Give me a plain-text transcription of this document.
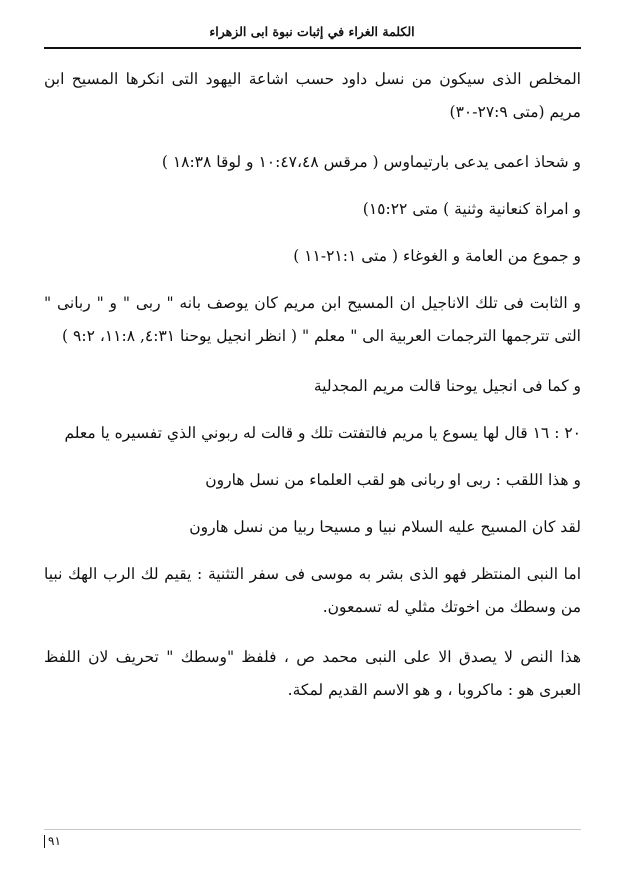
الكلمة الغراء في إثبات نبوة ابى الزهراء

المخلص الذى سيكون من نسل داود حسب اشاعة اليهود التى انكرها المسيح ابن
مريم (متى ٢٧:٩-٣٠)

و شحاذ اعمى يدعى بارتيماوس ( مرقس ١٠:٤٧،٤٨ و لوقا ١٨:٣٨ )

و امراة كنعانية وثنية ) متى ١٥:٢٢)

و جموع من العامة و الغوغاء ( متى ٢١:١-١١ )

و الثابت فى تلك الاناجيل ان المسيح ابن مريم كان يوصف بانه " ربى " و " ربانى "
التى تترجمها الترجمات العربية الى " معلم " ( انظر انجيل يوحنا ٤:٣١, ١١:٨، ٩:٢ )

و كما فى انجيل يوحنا قالت مريم المجدلية

٢٠ : ١٦ قال لها يسوع يا مريم فالتفتت تلك و قالت له ربوني الذي تفسيره يا معلم

و هذا اللقب : ربى او ربانى هو لقب العلماء من نسل هارون

لقد كان المسيح عليه السلام نبيا و مسيحا ربيا من نسل هارون

اما النبى المنتظر فهو الذى بشر به موسى فى سفر التثنية : يقيم لك الرب الهك نبيا
من وسطك من اخوتك مثلي له تسمعون.

هذا النص لا يصدق الا على النبى محمد ص ، فلفظ "وسطك " تحريف لان اللفظ
العبرى هو : ماكروبا ، و هو الاسم القديم لمكة.

٩١
